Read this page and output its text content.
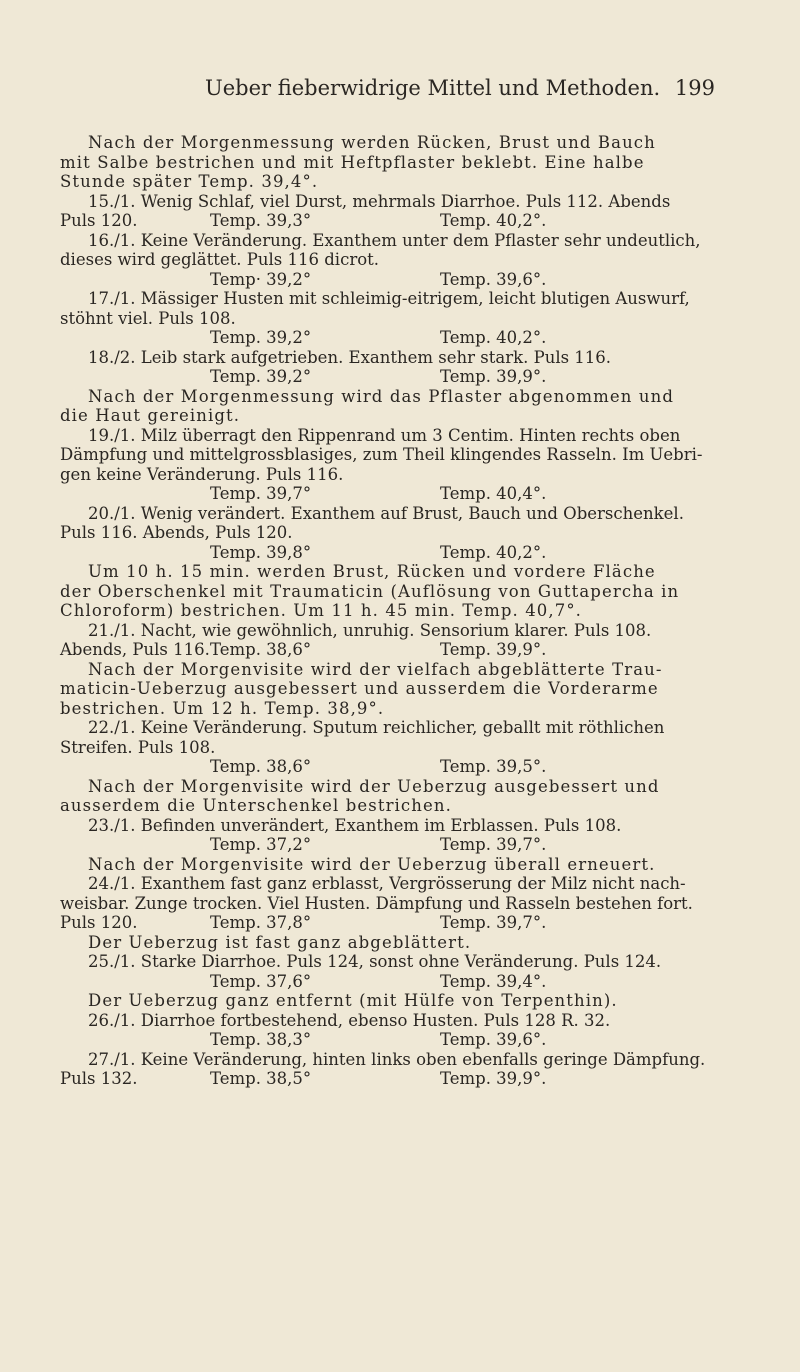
Ueber fieberwidrige Mittel und Methoden. 199

Nach der Morgenmessung werden Rücken, Brust und Bauch

mit Salbe bestrichen und mit Heftpflaster beklebt. Eine halbe

Stunde später Temp. 39,4°.

15./1. Wenig Schlaf, viel Durst, mehrmals Diarrhoe. Puls 112. Abends

Puls 120.	Temp. 39,3°	Temp. 40,2°.

16./1. Keine Veränderung. Exanthem unter dem Pflaster sehr undeutlich,

dieses wird geglättet. Puls 116 dicrot.

Temp· 39,2°	Temp. 39,6°.

17./1. Mässiger Husten mit schleimig-eitrigem, leicht blutigen Auswurf,

stöhnt viel. Puls 108.

Temp. 39,2°	Temp. 40,2°.

18./2. Leib stark aufgetrieben. Exanthem sehr stark. Puls 116.

Temp. 39,2°	Temp. 39,9°.

Nach der Morgenmessung wird das Pflaster abgenommen und

die Haut gereinigt.

19./1. Milz überragt den Rippenrand um 3 Centim. Hinten rechts oben

Dämpfung und mittelgrossblasiges, zum Theil klingendes Rasseln. Im Uebri-

gen keine Veränderung. Puls 116.

Temp. 39,7°	Temp. 40,4°.

20./1. Wenig verändert. Exanthem auf Brust, Bauch und Oberschenkel.

Puls 116. Abends, Puls 120.

Temp. 39,8°	Temp. 40,2°.

Um 10 h. 15 min. werden Brust, Rücken und vordere Fläche

der Oberschenkel mit Traumaticin (Auflösung von Guttapercha in

Chloroform) bestrichen. Um 11 h. 45 min. Temp. 40,7°.

21./1. Nacht, wie gewöhnlich, unruhig. Sensorium klarer. Puls 108.

Abends, Puls 116.Temp. 38,6°	Temp. 39,9°.

Nach der Morgenvisite wird der vielfach abgeblätterte Trau-

maticin-Ueberzug ausgebessert und ausserdem die Vorderarme

bestrichen. Um 12 h. Temp. 38,9°.

22./1. Keine Veränderung. Sputum reichlicher, geballt mit röthlichen

Streifen. Puls 108.

Temp. 38,6°	Temp. 39,5°.

Nach der Morgenvisite wird der Ueberzug ausgebessert und

ausserdem die Unterschenkel bestrichen.

23./1. Befinden unverändert, Exanthem im Erblassen. Puls 108.

Temp. 37,2°	Temp. 39,7°.

Nach der Morgenvisite wird der Ueberzug überall erneuert.

24./1. Exanthem fast ganz erblasst, Vergrösserung der Milz nicht nach-

weisbar. Zunge trocken. Viel Husten. Dämpfung und Rasseln bestehen fort.

Puls 120.	Temp. 37,8°	Temp. 39,7°.

Der Ueberzug ist fast ganz abgeblättert.

25./1. Starke Diarrhoe. Puls 124, sonst ohne Veränderung. Puls 124.

Temp. 37,6°	Temp. 39,4°.

Der Ueberzug ganz entfernt (mit Hülfe von Terpenthin).

26./1. Diarrhoe fortbestehend, ebenso Husten. Puls 128 R. 32.

Temp. 38,3°	Temp. 39,6°.

27./1. Keine Veränderung, hinten links oben ebenfalls geringe Dämpfung.

Puls 132.	Temp. 38,5°	Temp. 39,9°.
